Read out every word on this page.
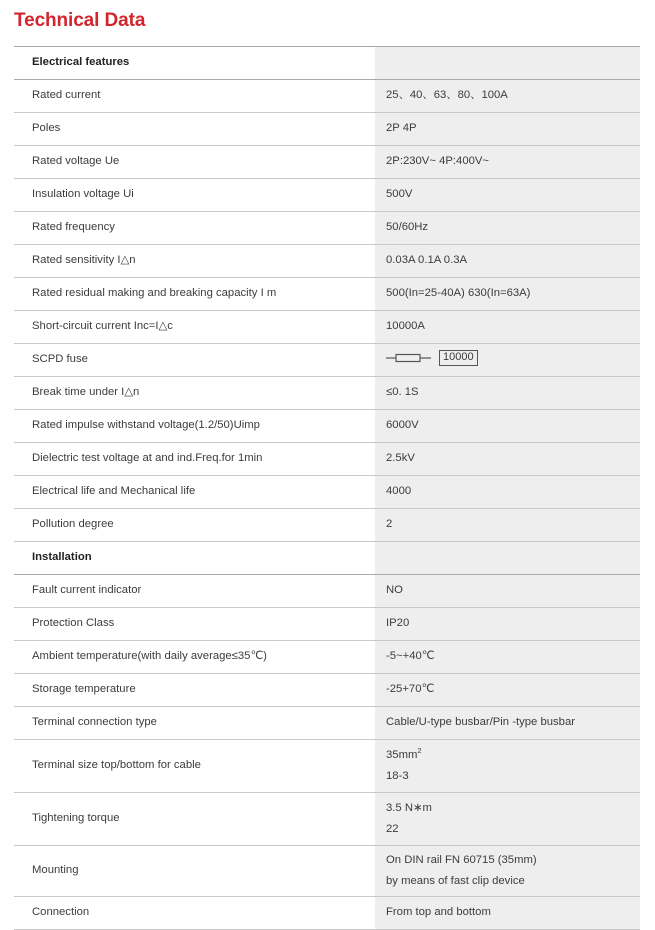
Technical Data
Electrical features	
Rated current	25、40、63、80、100A
Poles	2P 4P
Rated voltage Ue	2P:230V~ 4P:400V~
Insulation voltage Ui	500V
Rated frequency	50/60Hz
Rated sensitivity I△n	0.03A 0.1A 0.3A
Rated residual making and breaking capacity I m	500(In=25-40A) 630(In=63A)
Short-circuit current Inc=I△c	10000A
SCPD fuse	10000

Break time under I△n	≤0. 1S
Rated impulse withstand voltage(1.2/50)Uimp	6000V
Dielectric test voltage at and ind.Freq.for 1min	2.5kV
Electrical life and Mechanical life	4000
Pollution degree	2
Installation	
Fault current indicator	NO
Protection Class	IP20
Ambient temperature(with daily average≤35℃)	-5~+40℃
Storage temperature	-25+70℃
Terminal connection type	Cable/U-type busbar/Pin -type busbar
Terminal size top/bottom for cable	$35mm^2$
18-3

Tightening torque	3.5 N∗m
22

Mounting	On DIN rail FN 60715 (35mm)
by means of fast clip device

Connection	From top and bottom
